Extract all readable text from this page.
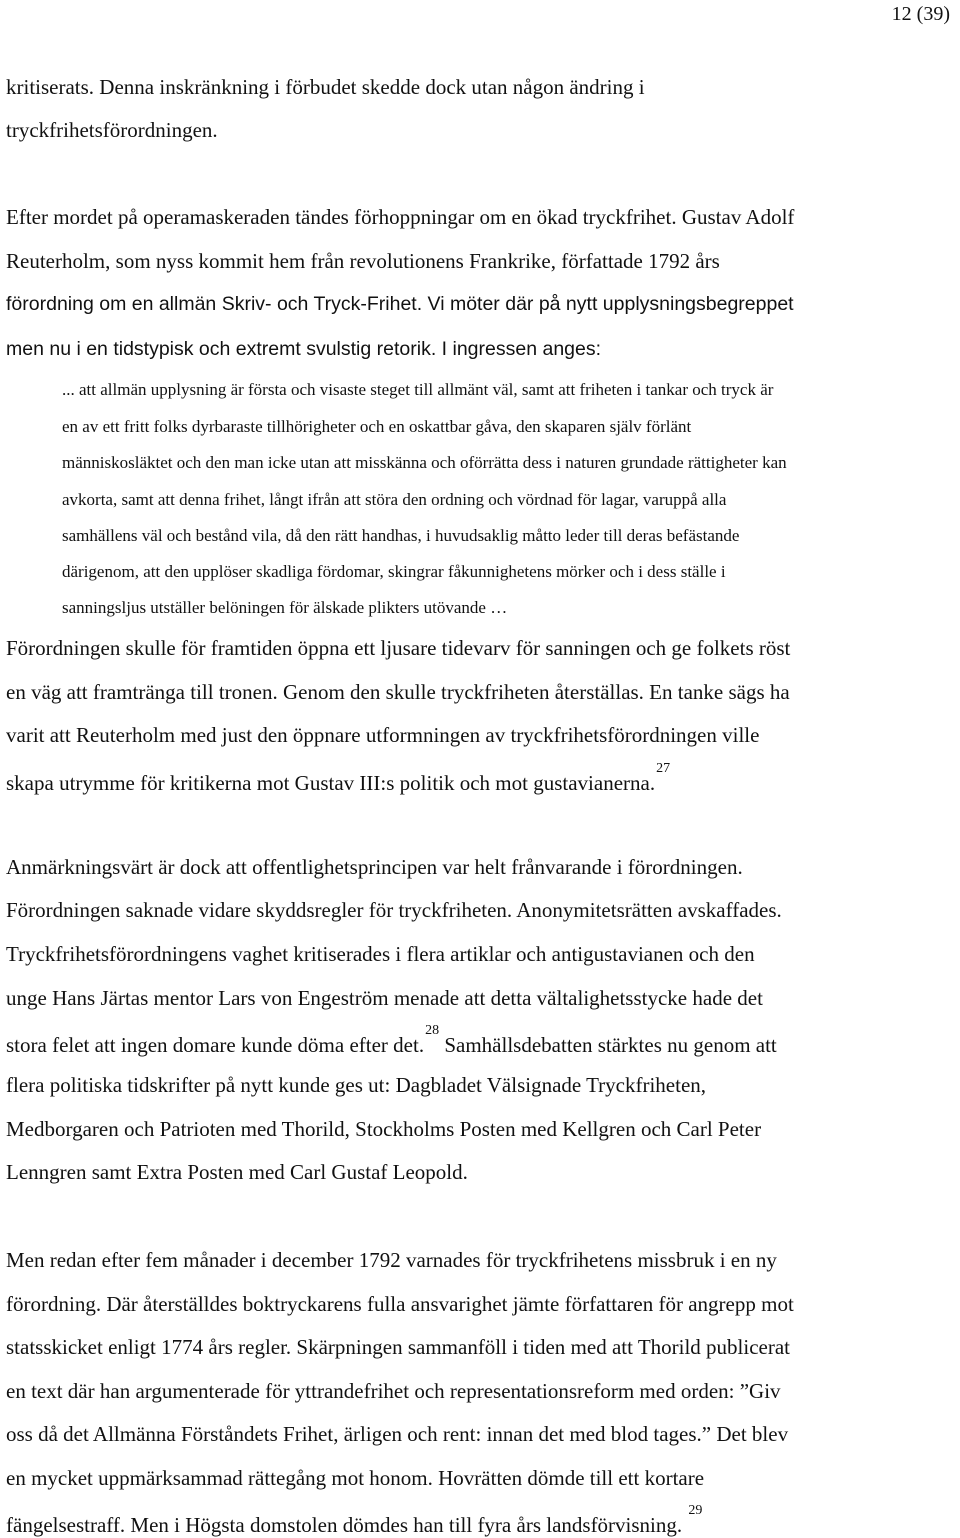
12 (39)
kritiserats. Denna inskränkning i förbudet skedde dock utan någon ändring i
tryckfrihetsförordningen.
Efter mordet på operamaskeraden tändes förhoppningar om en ökad tryckfrihet. Gustav Adolf
Reuterholm, som nyss kommit hem från revolutionens Frankrike, författade 1792 års
förordning om en allmän Skriv- och Tryck-Frihet. Vi möter där på nytt upplysningsbegreppet
men nu i en tidstypisk och extremt svulstig retorik. I ingressen anges:
... att allmän upplysning är första och visaste steget till allmänt väl, samt att friheten i tankar och tryck är
en av ett fritt folks dyrbaraste tillhörigheter och en oskattbar gåva, den skaparen själv förlänt
människosläktet och den man icke utan att misskänna och oförrätta dess i naturen grundade rättigheter kan
avkorta, samt att denna frihet, långt ifrån att störa den ordning och vördnad för lagar, varuppå alla
samhällens väl och bestånd vila, då den rätt handhas, i huvudsaklig måtto leder till deras befästande
därigenom, att den upplöser skadliga fördomar, skingrar fåkunnighetens mörker och i dess ställe i
sanningsljus utställer belöningen för älskade plikters utövande …
Förordningen skulle för framtiden öppna ett ljusare tidevarv för sanningen och ge folkets röst
en väg att framtränga till tronen. Genom den skulle tryckfriheten återställas. En tanke sägs ha
varit att Reuterholm med just den öppnare utformningen av tryckfrihetsförordningen ville
skapa utrymme för kritikerna mot Gustav III:s politik och mot gustavianerna.$^{27}$
Anmärkningsvärt är dock att offentlighetsprincipen var helt frånvarande i förordningen.
Förordningen saknade vidare skyddsregler för tryckfriheten. Anonymitetsrätten avskaffades.
Tryckfrihetsförordningens vaghet kritiserades i flera artiklar och antigustavianen och den
unge Hans Järtas mentor Lars von Engeström menade att detta vältalighetsstycke hade det
stora felet att ingen domare kunde döma efter det.$^{28}$ Samhällsdebatten stärktes nu genom att
flera politiska tidskrifter på nytt kunde ges ut: Dagbladet Välsignade Tryckfriheten,
Medborgaren och Patrioten med Thorild, Stockholms Posten med Kellgren och Carl Peter
Lenngren samt Extra Posten med Carl Gustaf Leopold.
Men redan efter fem månader i december 1792 varnades för tryckfrihetens missbruk i en ny
förordning. Där återställdes boktryckarens fulla ansvarighet jämte författaren för angrepp mot
statsskicket enligt 1774 års regler. Skärpningen sammanföll i tiden med att Thorild publicerat
en text där han argumenterade för yttrandefrihet och representationsreform med orden: ”Giv
oss då det Allmänna Förståndets Frihet, ärligen och rent: innan det med blod tages.” Det blev
en mycket uppmärksammad rättegång mot honom. Hovrätten dömde till ett kortare
fängelsestraff. Men i Högsta domstolen dömdes han till fyra års landsförvisning. $^{29}$
